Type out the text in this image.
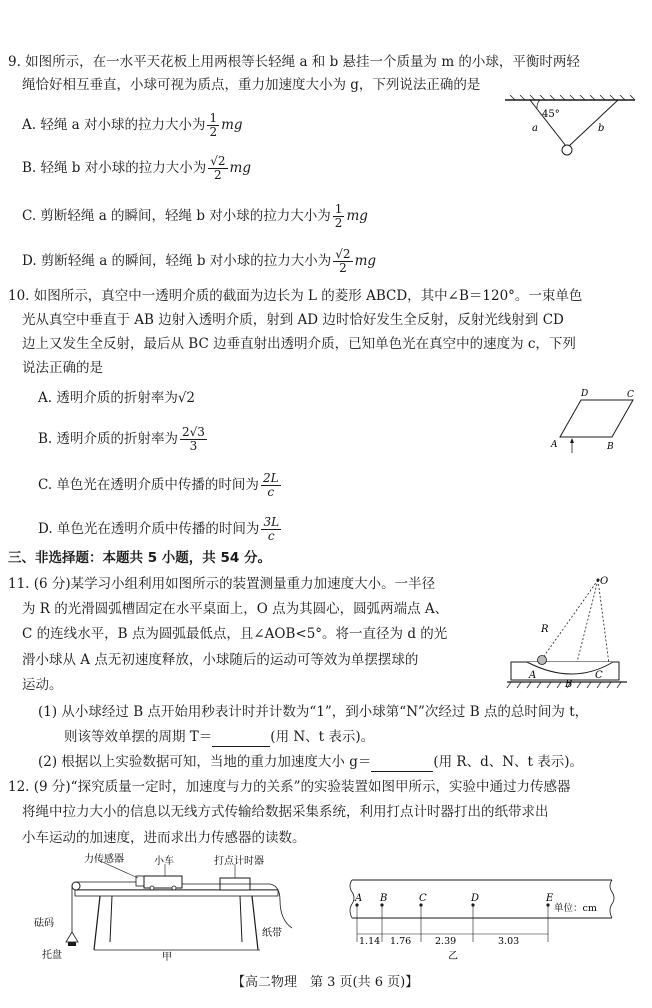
9. 如图所示，在一水平天花板上用两根等长轻绳 a 和 b 悬挂一个质量为 m 的小球，平衡时两轻
绳恰好相互垂直，小球可视为质点，重力加速度大小为 g，下列说法正确的是
A. 轻绳 a 对小球的拉力大小为 $\frac{1}{2}$ mg
B. 轻绳 b 对小球的拉力大小为 $\frac{√2}{2}$ mg
C. 剪断轻绳 a 的瞬间，轻绳 b 对小球的拉力大小为 $\frac{1}{2}$ mg
D. 剪断轻绳 a 的瞬间，轻绳 b 对小球的拉力大小为 $\frac{√2}{2}$ mg
45°
a	b
10. 如图所示，真空中一透明介质的截面为边长为 L 的菱形 ABCD，其中∠B＝120°。一束单色
光从真空中垂直于 AB 边射入透明介质，射到 AD 边时恰好发生全反射，反射光线射到 CD
边上又发生全反射，最后从 BC 边垂直射出透明介质，已知单色光在真空中的速度为 c，下列
说法正确的是
A. 透明介质的折射率为√2
B. 透明介质的折射率为 $\frac{2√3}{3}$
C. 单色光在透明介质中传播的时间为 $\frac{2L}{c}$
D. 单色光在透明介质中传播的时间为 $\frac{3L}{c}$
A	B
C
D
三、非选择题：本题共 5 小题，共 54 分。
11. (6 分)某学习小组利用如图所示的装置测量重力加速度大小。一半径
为 R 的光滑圆弧槽固定在水平桌面上，O 点为其圆心，圆弧两端点 A、
C 的连线水平，B 点为圆弧最低点，且∠AOB<5°。将一直径为 d 的光
滑小球从 A 点无初速度释放，小球随后的运动可等效为单摆摆球的
运动。
O
R
A
B
C
(1) 从小球经过 B 点开始用秒表计时并计数为“1”，到小球第“N”次经过 B 点的总时间为 t，
则该等效单摆的周期 T＝	(用 N、t 表示)。
(2) 根据以上实验数据可知，当地的重力加速度大小 g＝	(用 R、d、N、t 表示)。
12. (9 分)“探究质量一定时，加速度与力的关系”的实验装置如图甲所示，实验中通过力传感器
将绳中拉力大小的信息以无线方式传输给数据采集系统，利用打点计时器打出的纸带求出
小车运动的加速度，进而求出力传感器的读数。
力传感器	小车	打点计时器
砝码
纸带
托盘	甲
A B	C	D	E
单位：cm
1.14 1.76	2.39	3.03
乙
【高二物理　第 3 页(共 6 页)】
